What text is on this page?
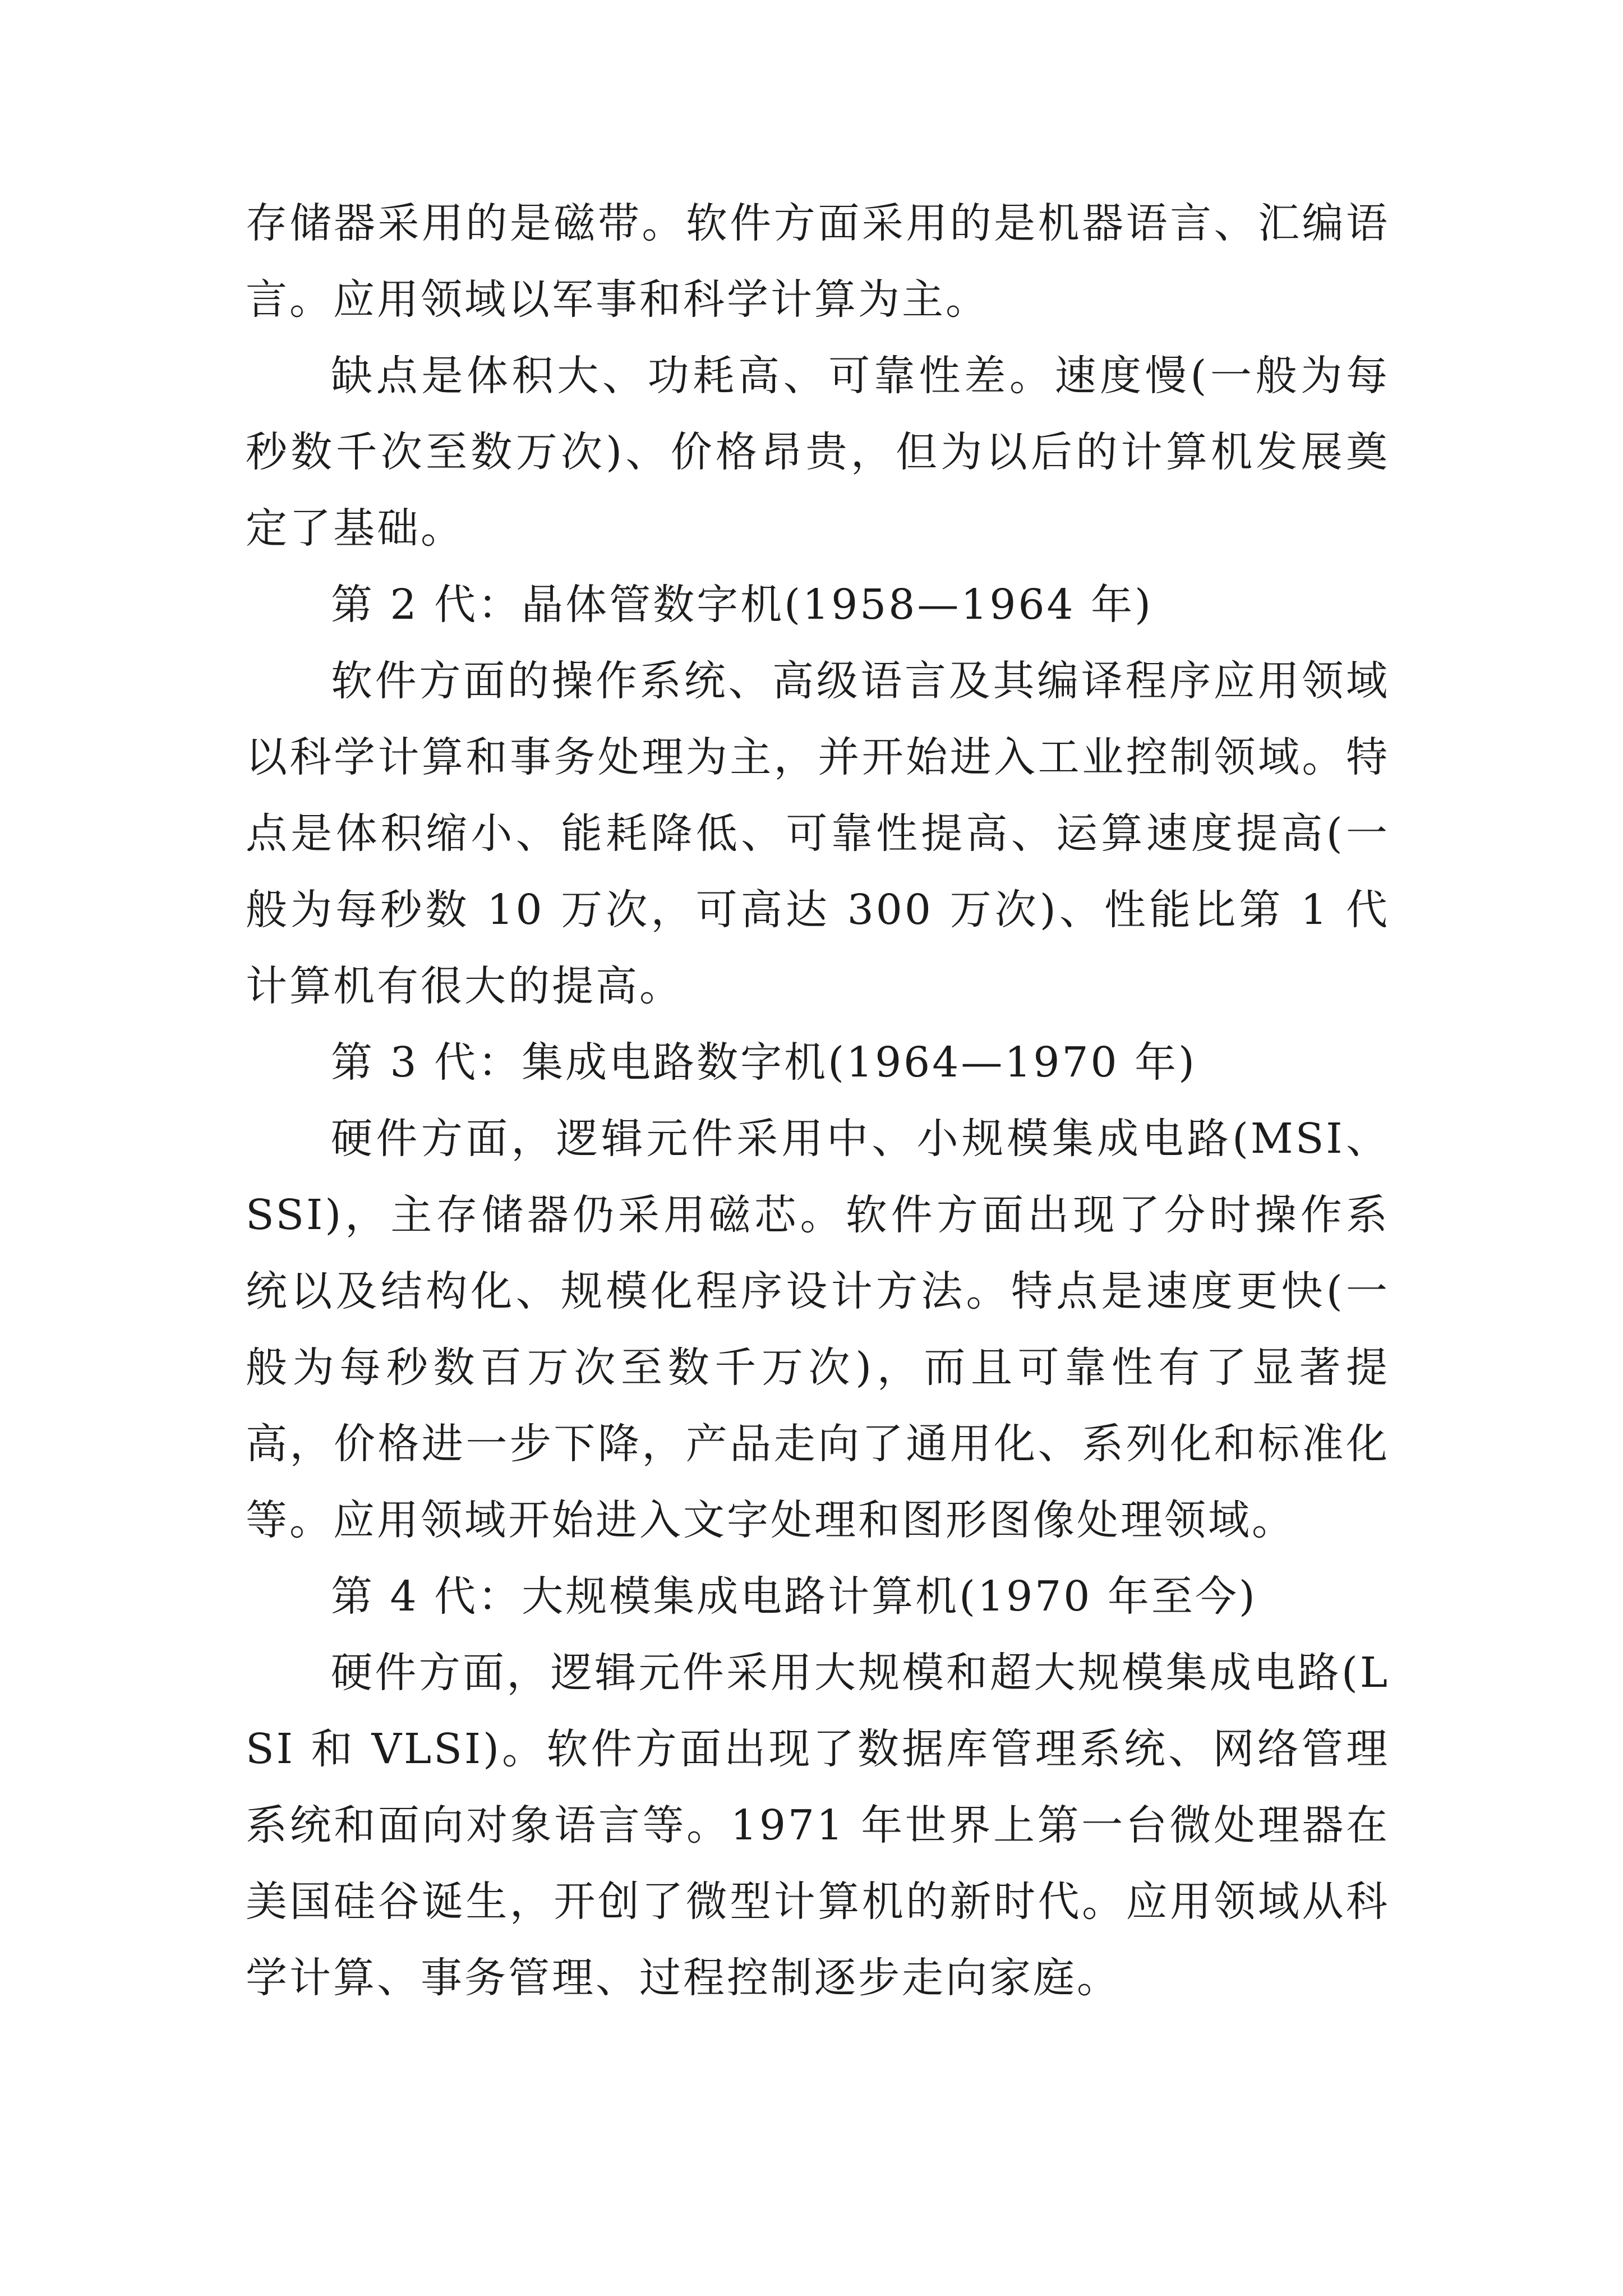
存储器采用的是磁带。软件方面采用的是机器语言、汇编语言。应用领域以军事和科学计算为主。

缺点是体积大、功耗高、可靠性差。速度慢(一般为每秒数千次至数万次)、价格昂贵，但为以后的计算机发展奠定了基础。

第 2 代：晶体管数字机(1958—1964 年)

软件方面的操作系统、高级语言及其编译程序应用领域以科学计算和事务处理为主，并开始进入工业控制领域。特点是体积缩小、能耗降低、可靠性提高、运算速度提高(一般为每秒数 10 万次，可高达 300 万次)、性能比第 1 代计算机有很大的提高。

第 3 代：集成电路数字机(1964—1970 年)

硬件方面，逻辑元件采用中、小规模集成电路(MSI、SSI)，主存储器仍采用磁芯。软件方面出现了分时操作系统以及结构化、规模化程序设计方法。特点是速度更快(一般为每秒数百万次至数千万次)，而且可靠性有了显著提高，价格进一步下降，产品走向了通用化、系列化和标准化等。应用领域开始进入文字处理和图形图像处理领域。

第 4 代：大规模集成电路计算机(1970 年至今)

硬件方面，逻辑元件采用大规模和超大规模集成电路(LSI 和 VLSI)。软件方面出现了数据库管理系统、网络管理系统和面向对象语言等。1971 年世界上第一台微处理器在美国硅谷诞生，开创了微型计算机的新时代。应用领域从科学计算、事务管理、过程控制逐步走向家庭。
